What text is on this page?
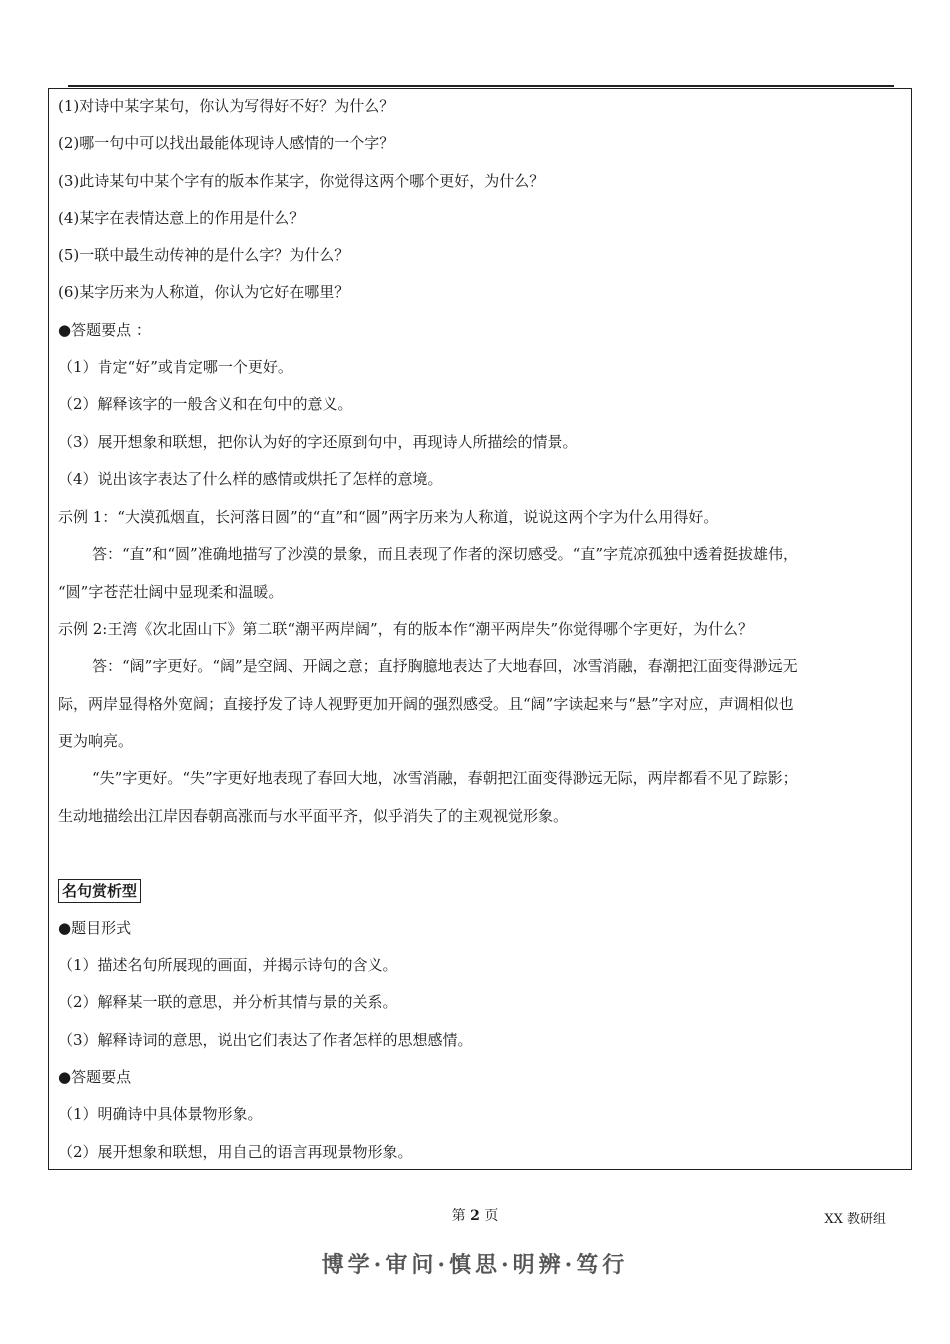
(1)对诗中某字某句，你认为写得好不好？为什么？
(2)哪一句中可以找出最能体现诗人感情的一个字？
(3)此诗某句中某个字有的版本作某字，你觉得这两个哪个更好，为什么？
(4)某字在表情达意上的作用是什么？
(5)一联中最生动传神的是什么字？为什么？
(6)某字历来为人称道，你认为它好在哪里？
●答题要点 ：
（1）肯定“好”或肯定哪一个更好。
（2）解释该字的一般含义和在句中的意义。
（3）展开想象和联想，把你认为好的字还原到句中，再现诗人所描绘的情景。
（4）说出该字表达了什么样的感情或烘托了怎样的意境。
示例 1：“大漠孤烟直，长河落日圆”的“直”和“圆”两字历来为人称道，说说这两个字为什么用得好。
答：“直”和“圆”准确地描写了沙漠的景象，而且表现了作者的深切感受。“直”字荒凉孤独中透着挺拔雄伟，
“圆”字苍茫壮阔中显现柔和温暖。
示例 2:王湾《次北固山下》第二联“潮平两岸阔”，有的版本作“潮平两岸失”你觉得哪个字更好，为什么？
答：“阔”字更好。“阔”是空阔、开阔之意；直抒胸臆地表达了大地春回，冰雪消融，春潮把江面变得渺远无
际，两岸显得格外宽阔；直接抒发了诗人视野更加开阔的强烈感受。且“阔”字读起来与“悬”字对应，声调相似也
更为响亮。
“失”字更好。“失”字更好地表现了春回大地，冰雪消融，春朝把江面变得渺远无际，两岸都看不见了踪影；
生动地描绘出江岸因春朝高涨而与水平面平齐，似乎消失了的主观视觉形象。
名句赏析型
●题目形式
（1）描述名句所展现的画面，并揭示诗句的含义。
（2）解释某一联的意思，并分析其情与景的关系。
（3）解释诗词的意思，说出它们表达了作者怎样的思想感情。
●答题要点
（1）明确诗中具体景物形象。
（2）展开想象和联想，用自己的语言再现景物形象。
第 2 页	XX 教研组
博学·审问·慎思·明辨·笃行
